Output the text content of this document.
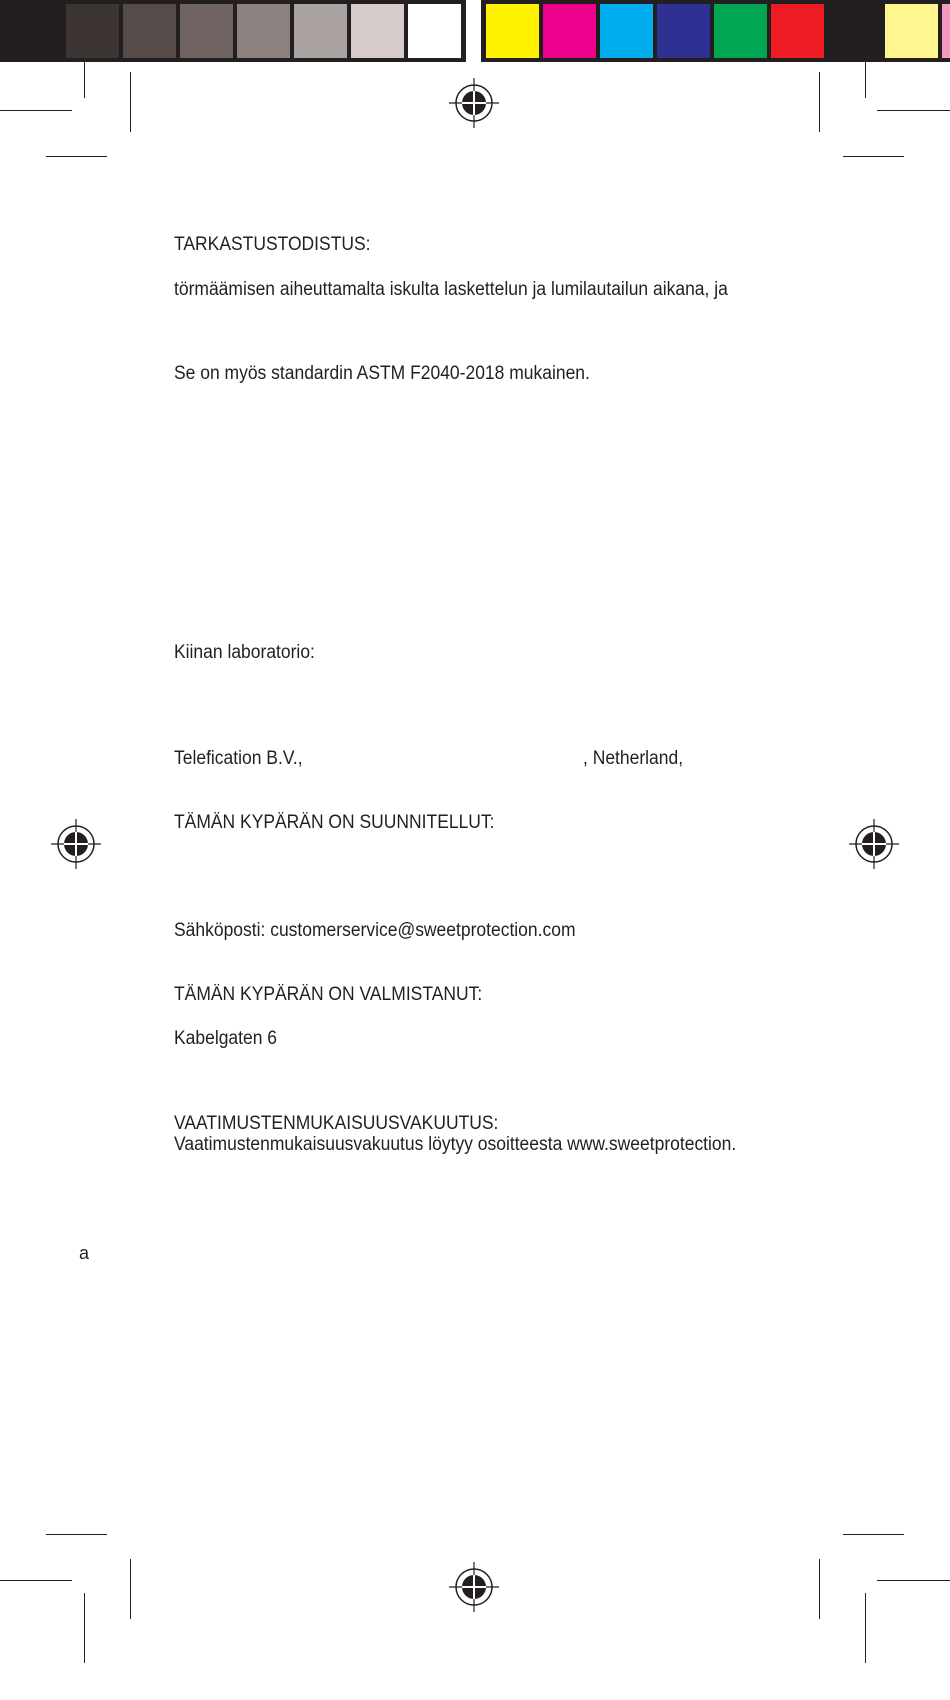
TARKASTUSTODISTUS:
törmäämisen aiheuttamalta iskulta laskettelun ja lumilautailun aikana, ja
Se on myös standardin ASTM F2040-2018 mukainen.
Kiinan laboratorio:
Telefication B.V.,	, Netherland,
TÄMÄN KYPÄRÄN ON SUUNNITELLUT:
Sähköposti: customerservice@sweetprotection.com
TÄMÄN KYPÄRÄN ON VALMISTANUT:
Kabelgaten 6
VAATIMUSTENMUKAISUUSVAKUUTUS:
Vaatimustenmukaisuusvakuutus löytyy osoitteesta www.sweetprotection.
a
